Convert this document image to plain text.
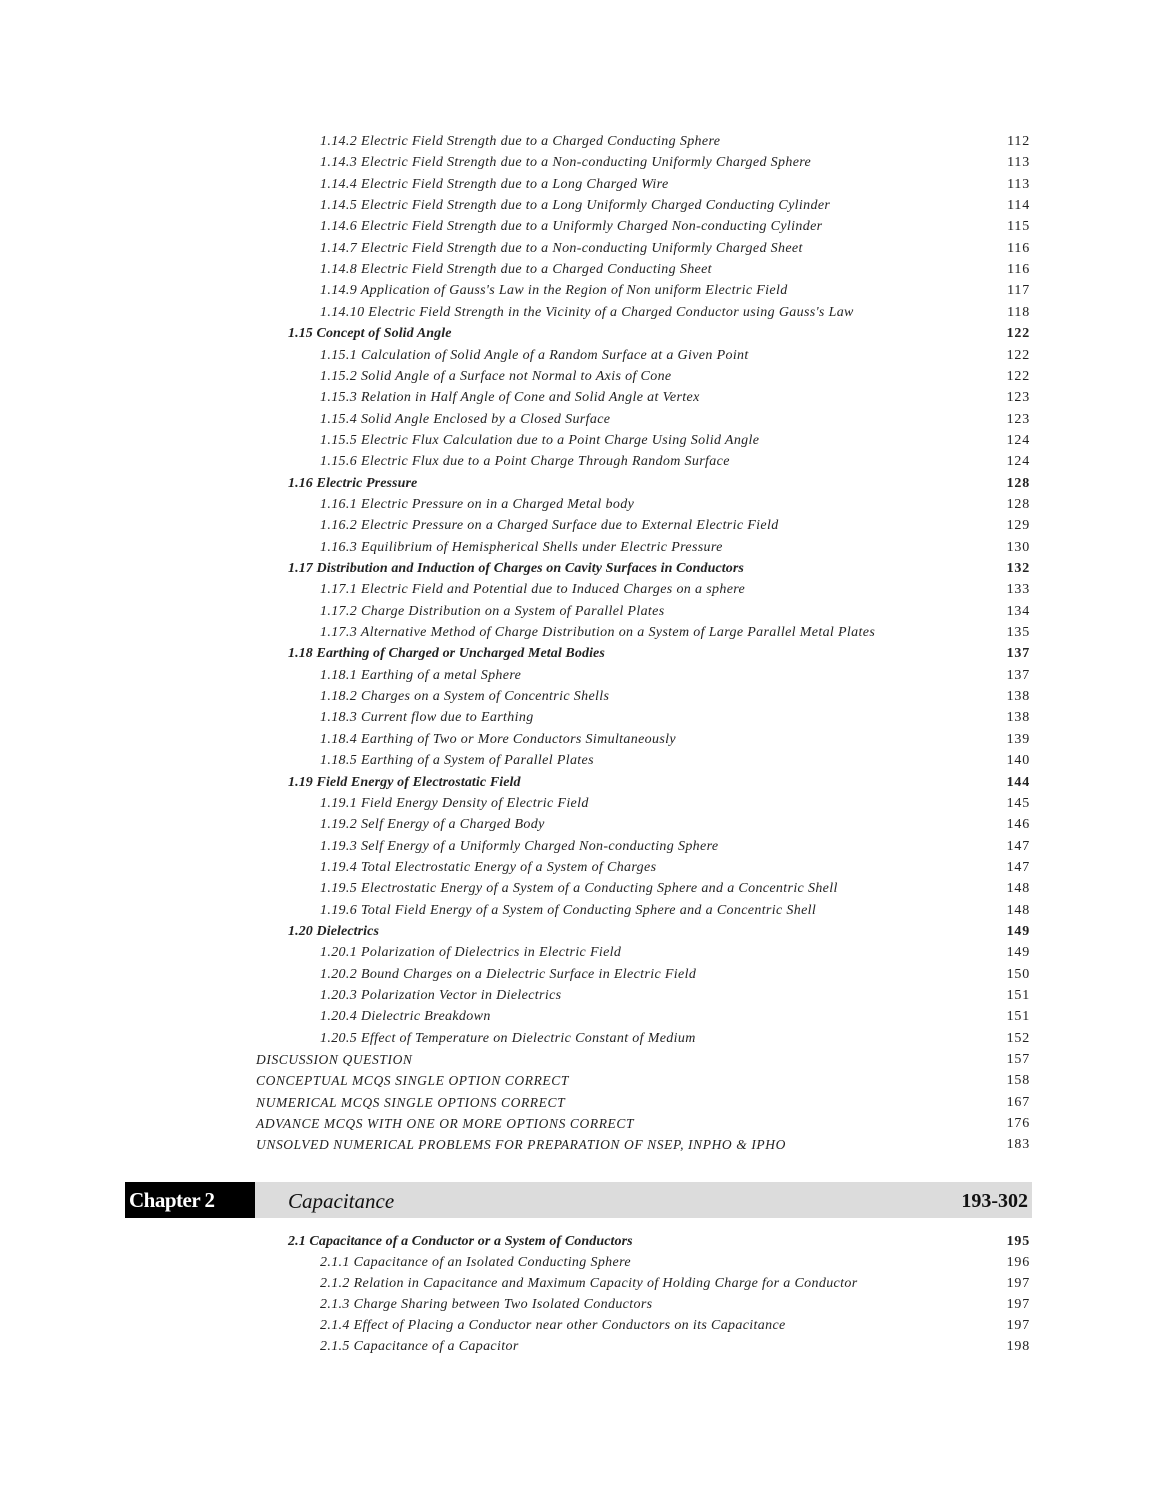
1.14.2 Electric Field Strength due to a Charged Conducting Sphere	112
1.14.3 Electric Field Strength due to a Non-conducting Uniformly Charged Sphere	113
1.14.4 Electric Field Strength due to a Long Charged Wire	113
1.14.5 Electric Field Strength due to a Long Uniformly Charged Conducting Cylinder	114
1.14.6 Electric Field Strength due to a Uniformly Charged Non-conducting Cylinder	115
1.14.7 Electric Field Strength due to a Non-conducting Uniformly Charged Sheet	116
1.14.8 Electric Field Strength due to a Charged Conducting Sheet	116
1.14.9 Application of Gauss's Law in the Region of Non uniform Electric Field	117
1.14.10 Electric Field Strength in the Vicinity of a Charged Conductor using Gauss's Law	118
1.15 Concept of Solid Angle	122
1.15.1 Calculation of Solid Angle of a Random Surface at a Given Point	122
1.15.2 Solid Angle of a Surface not Normal to Axis of Cone	122
1.15.3 Relation in Half Angle of Cone and Solid Angle at Vertex	123
1.15.4 Solid Angle Enclosed by a Closed Surface	123
1.15.5 Electric Flux Calculation due to a Point Charge Using Solid Angle	124
1.15.6 Electric Flux due to a Point Charge Through Random Surface	124
1.16 Electric Pressure	128
1.16.1 Electric Pressure on in a Charged Metal body	128
1.16.2 Electric Pressure on a Charged Surface due to External Electric Field	129
1.16.3 Equilibrium of Hemispherical Shells under Electric Pressure	130
1.17 Distribution and Induction of Charges on Cavity Surfaces in Conductors	132
1.17.1 Electric Field and Potential due to Induced Charges on a sphere	133
1.17.2 Charge Distribution on a System of Parallel Plates	134
1.17.3 Alternative Method of Charge Distribution on a System of Large Parallel Metal Plates	135
1.18 Earthing of Charged or Uncharged Metal Bodies	137
1.18.1 Earthing of a metal Sphere	137
1.18.2 Charges on a System of Concentric Shells	138
1.18.3 Current flow due to Earthing	138
1.18.4 Earthing of Two or More Conductors Simultaneously	139
1.18.5 Earthing of a System of Parallel Plates	140
1.19 Field Energy of Electrostatic Field	144
1.19.1 Field Energy Density of Electric Field	145
1.19.2 Self Energy of a Charged Body	146
1.19.3 Self Energy of a Uniformly Charged Non-conducting Sphere	147
1.19.4 Total Electrostatic Energy of a System of Charges	147
1.19.5 Electrostatic Energy of a System of a Conducting Sphere and a Concentric Shell	148
1.19.6 Total Field Energy of a System of Conducting Sphere and a Concentric Shell	148
1.20 Dielectrics	149
1.20.1 Polarization of Dielectrics in Electric Field	149
1.20.2 Bound Charges on a Dielectric Surface in Electric Field	150
1.20.3 Polarization Vector in Dielectrics	151
1.20.4 Dielectric Breakdown	151
1.20.5 Effect of Temperature on Dielectric Constant of Medium	152
DISCUSSION QUESTION	157
CONCEPTUAL MCQS SINGLE OPTION CORRECT	158
NUMERICAL MCQS SINGLE OPTIONS CORRECT	167
ADVANCE MCQS WITH ONE OR MORE OPTIONS CORRECT	176
UNSOLVED NUMERICAL PROBLEMS FOR PREPARATION OF NSEP, INPHO & IPHO	183
Chapter 2	Capacitance	193-302
2.1 Capacitance of a Conductor or a System of Conductors	195
2.1.1 Capacitance of an Isolated Conducting Sphere	196
2.1.2 Relation in Capacitance and Maximum Capacity of Holding Charge for a Conductor	197
2.1.3 Charge Sharing between Two Isolated Conductors	197
2.1.4 Effect of Placing a Conductor near other Conductors on its Capacitance	197
2.1.5 Capacitance of a Capacitor	198
